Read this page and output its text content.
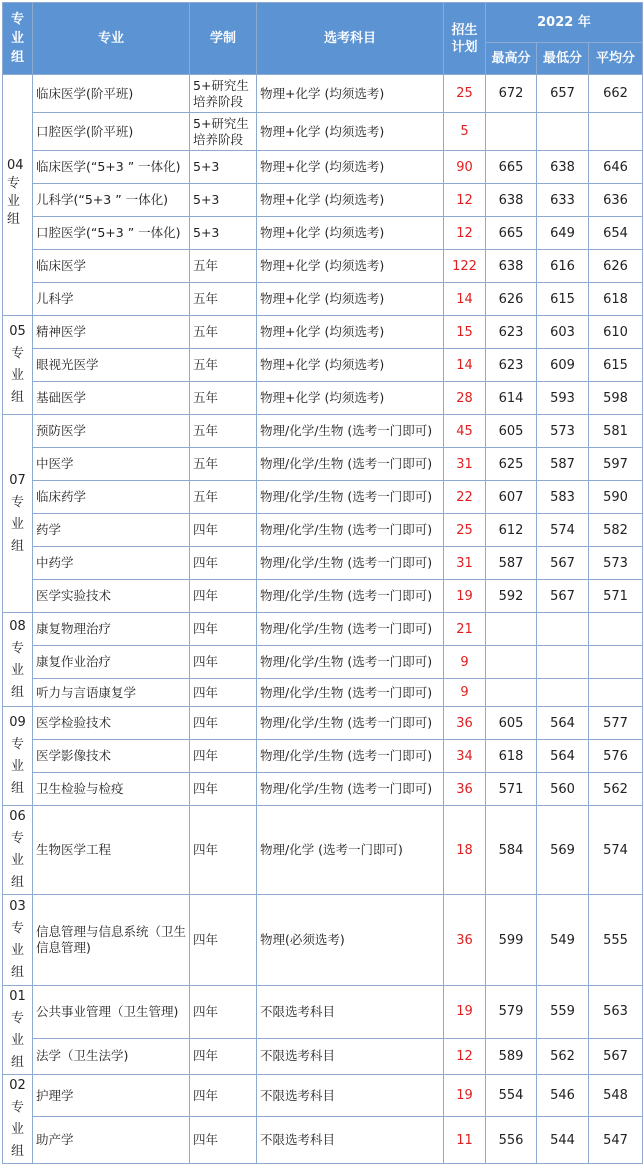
专业组	专业	学制	选考科目	招生计划	2022 年		
					最高分	最低分	平均分
04专业组	临床医学(阶平班)	5+研究生培养阶段	物理+化学 (均须选考)	25	672	657	662
	口腔医学(阶平班)	5+研究生培养阶段	物理+化学 (均须选考)	5			
	临床医学(“5+3 ” 一体化)	5+3	物理+化学 (均须选考)	90	665	638	646
	儿科学(“5+3 ” 一体化)	5+3	物理+化学 (均须选考)	12	638	633	636
	口腔医学(“5+3 ” 一体化)	5+3	物理+化学 (均须选考)	12	665	649	654
	临床医学	五年	物理+化学 (均须选考)	122	638	616	626
	儿科学	五年	物理+化学 (均须选考)	14	626	615	618
05专业组	精神医学	五年	物理+化学 (均须选考)	15	623	603	610
	眼视光医学	五年	物理+化学 (均须选考)	14	623	609	615
	基础医学	五年	物理+化学 (均须选考)	28	614	593	598
07专业组	预防医学	五年	物理/化学/生物 (选考一门即可)	45	605	573	581
	中医学	五年	物理/化学/生物 (选考一门即可)	31	625	587	597
	临床药学	五年	物理/化学/生物 (选考一门即可)	22	607	583	590
	药学	四年	物理/化学/生物 (选考一门即可)	25	612	574	582
	中药学	四年	物理/化学/生物 (选考一门即可)	31	587	567	573
	医学实验技术	四年	物理/化学/生物 (选考一门即可)	19	592	567	571
08专业组	康复物理治疗	四年	物理/化学/生物 (选考一门即可)	21			
	康复作业治疗	四年	物理/化学/生物 (选考一门即可)	9			
	听力与言语康复学	四年	物理/化学/生物 (选考一门即可)	9			
09专业组	医学检验技术	四年	物理/化学/生物 (选考一门即可)	36	605	564	577
	医学影像技术	四年	物理/化学/生物 (选考一门即可)	34	618	564	576
	卫生检验与检疫	四年	物理/化学/生物 (选考一门即可)	36	571	560	562
06专业组	生物医学工程	四年	物理/化学 (选考一门即可)	18	584	569	574
03专业组	信息管理与信息系统（卫生信息管理)	四年	物理(必须选考)	36	599	549	555
01专业组	公共事业管理（卫生管理)	四年	不限选考科目	19	579	559	563
	法学（卫生法学)	四年	不限选考科目	12	589	562	567
02专业组	护理学	四年	不限选考科目	19	554	546	548
	助产学	四年	不限选考科目	11	556	544	547
